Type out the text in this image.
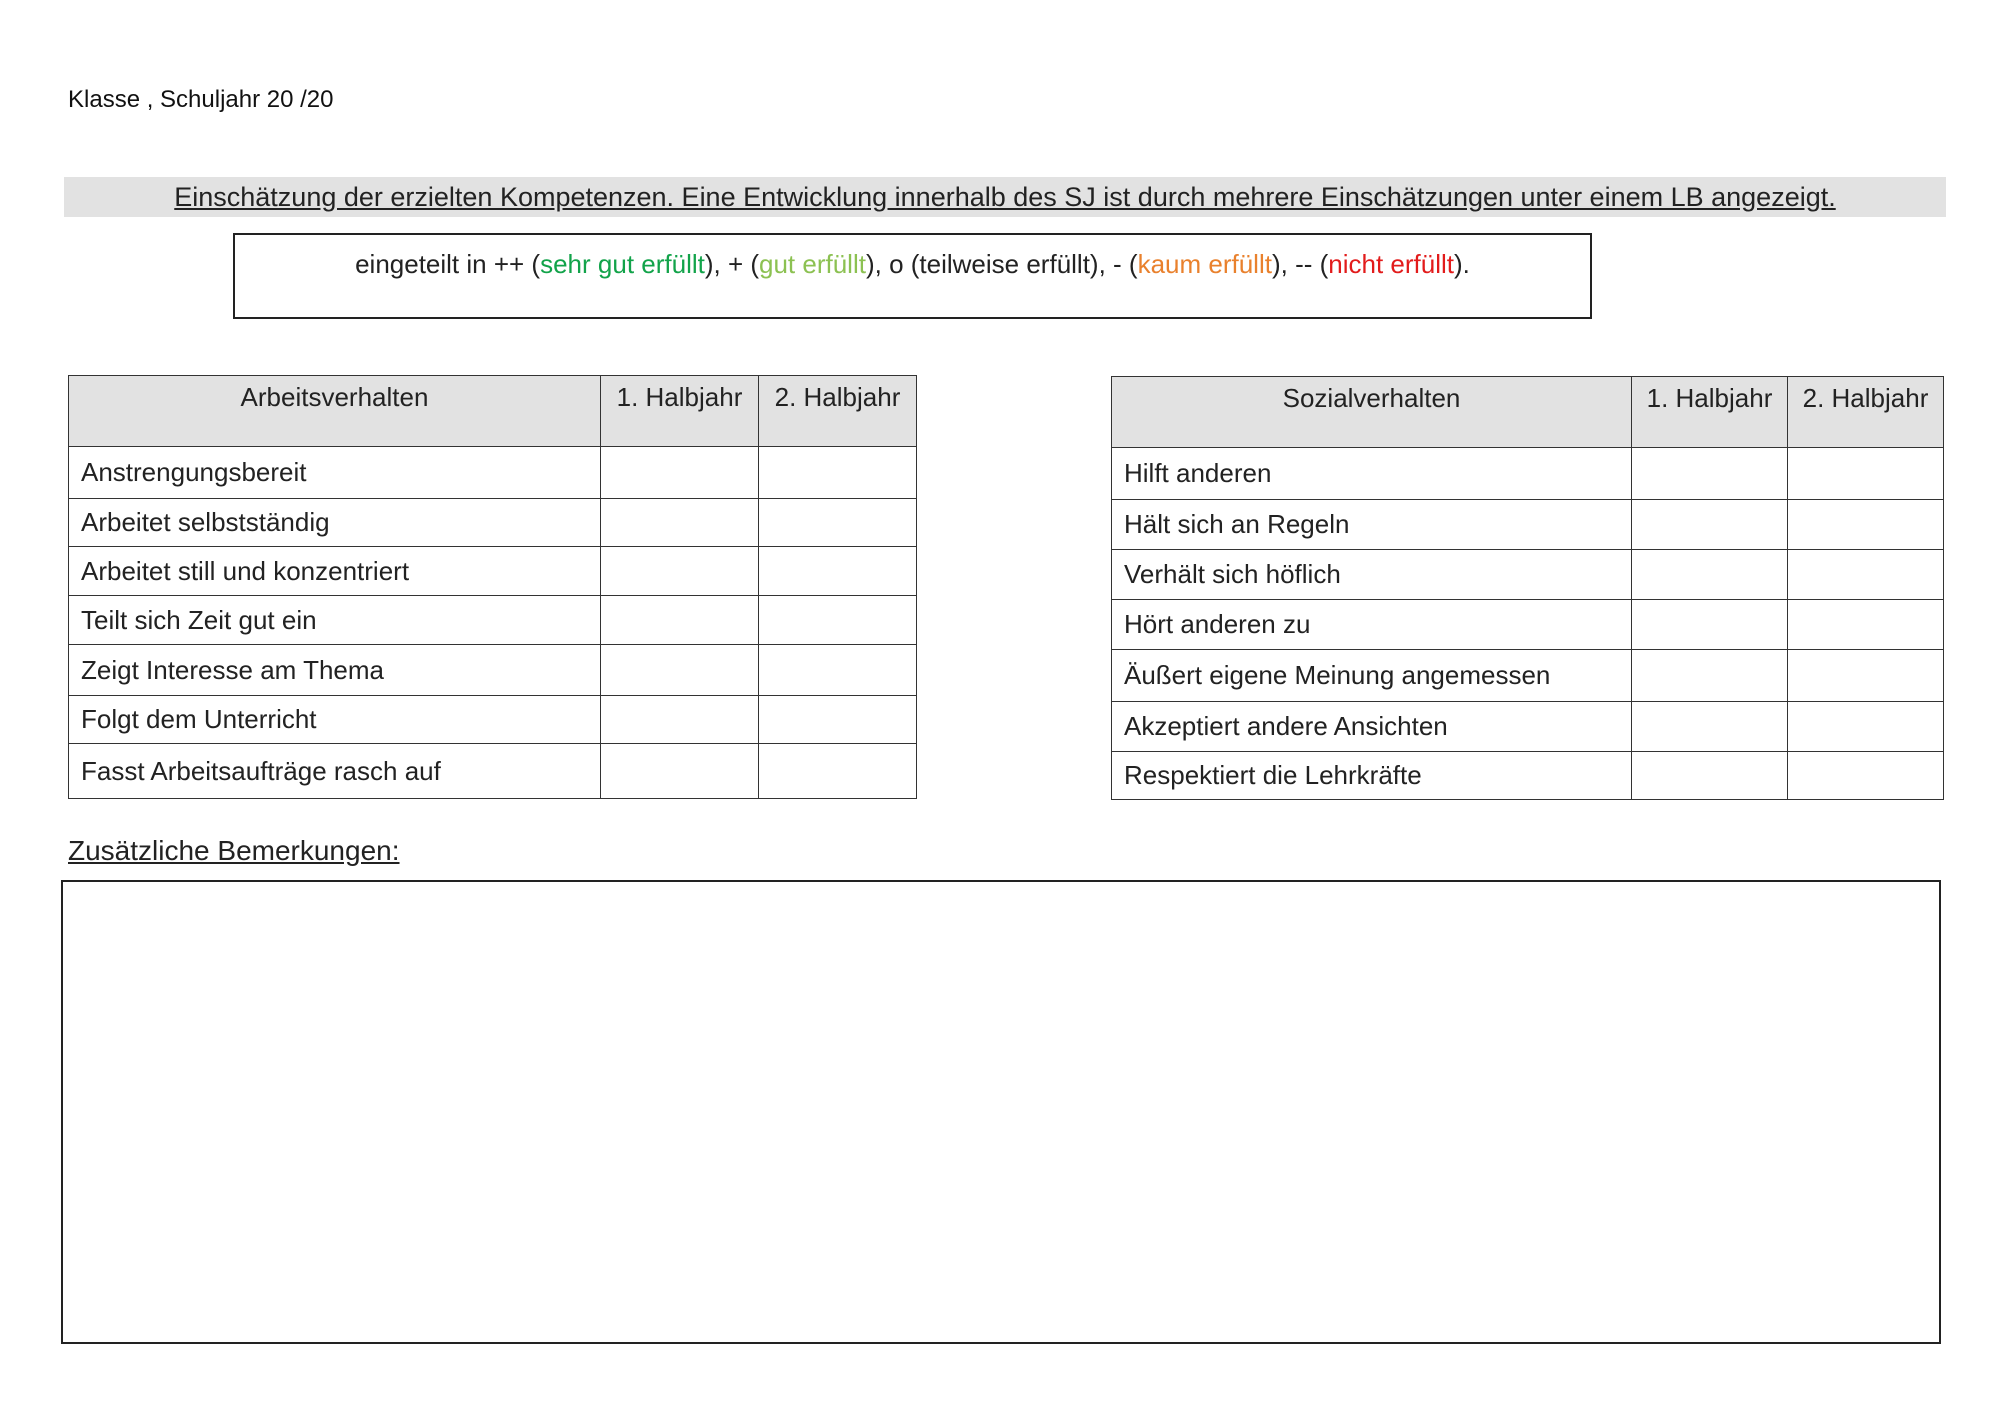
Klasse , Schuljahr 20 /20
Einschätzung der erzielten Kompetenzen. Eine Entwicklung innerhalb des SJ ist durch mehrere Einschätzungen unter einem LB angezeigt.
eingeteilt in ++ (sehr gut erfüllt), + (gut erfüllt), o (teilweise erfüllt), - (kaum erfüllt), -- (nicht erfüllt).
Arbeitsverhalten	1. Halbjahr	2. Halbjahr
Anstrengungsbereit		
Arbeitet selbstständig		
Arbeitet still und konzentriert		
Teilt sich Zeit gut ein		
Zeigt Interesse am Thema		
Folgt dem Unterricht		
Fasst Arbeitsaufträge rasch auf		
Sozialverhalten	1. Halbjahr	2. Halbjahr
Hilft anderen		
Hält sich an Regeln		
Verhält sich höflich		
Hört anderen zu		
Äußert eigene Meinung angemessen		
Akzeptiert andere Ansichten		
Respektiert die Lehrkräfte		
Zusätzliche Bemerkungen:
